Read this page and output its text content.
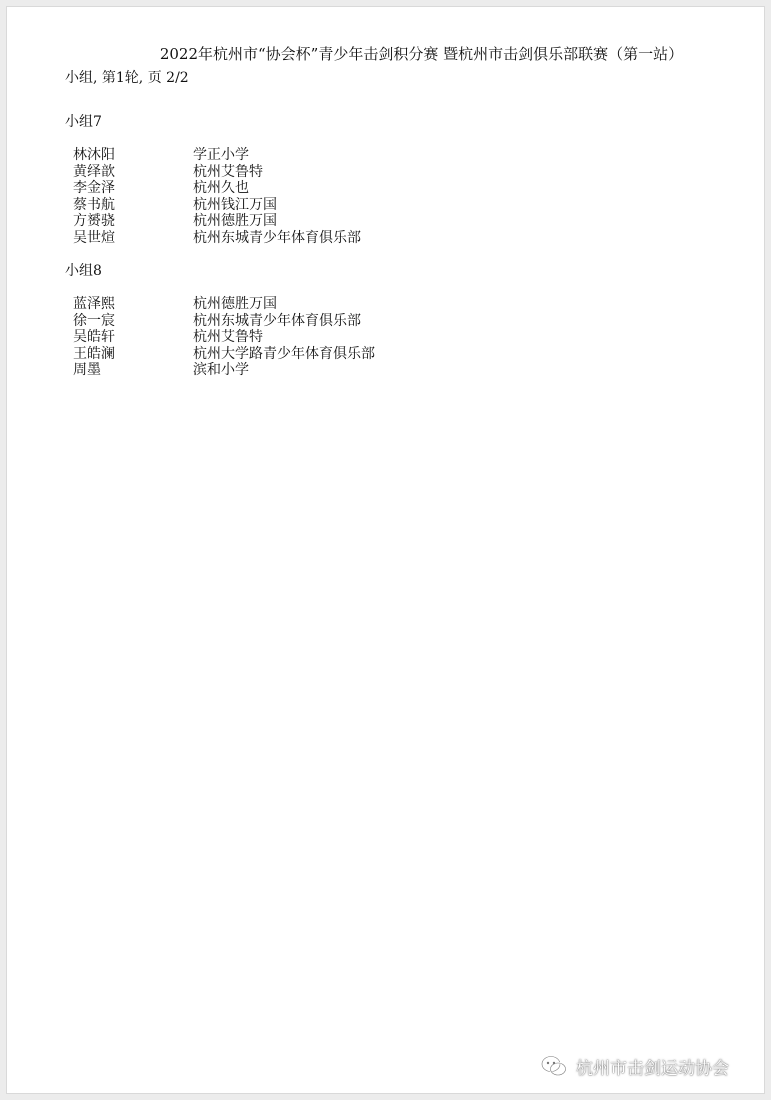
2022年杭州市“协会杯”青少年击剑积分赛 暨杭州市击剑俱乐部联赛（第一站）
小组, 第1轮, 页 2/2
小组7
林沐阳	学正小学
黄绎歆	杭州艾鲁特
李金泽	杭州久也
蔡书航	杭州钱江万国
方赟骁	杭州德胜万国
吴世煊	杭州东城青少年体育俱乐部
小组8
蓝泽熙	杭州德胜万国
徐一宸	杭州东城青少年体育俱乐部
吴皓轩	杭州艾鲁特
王皓澜	杭州大学路青少年体育俱乐部
周墨	滨和小学
杭州市击剑运动协会
